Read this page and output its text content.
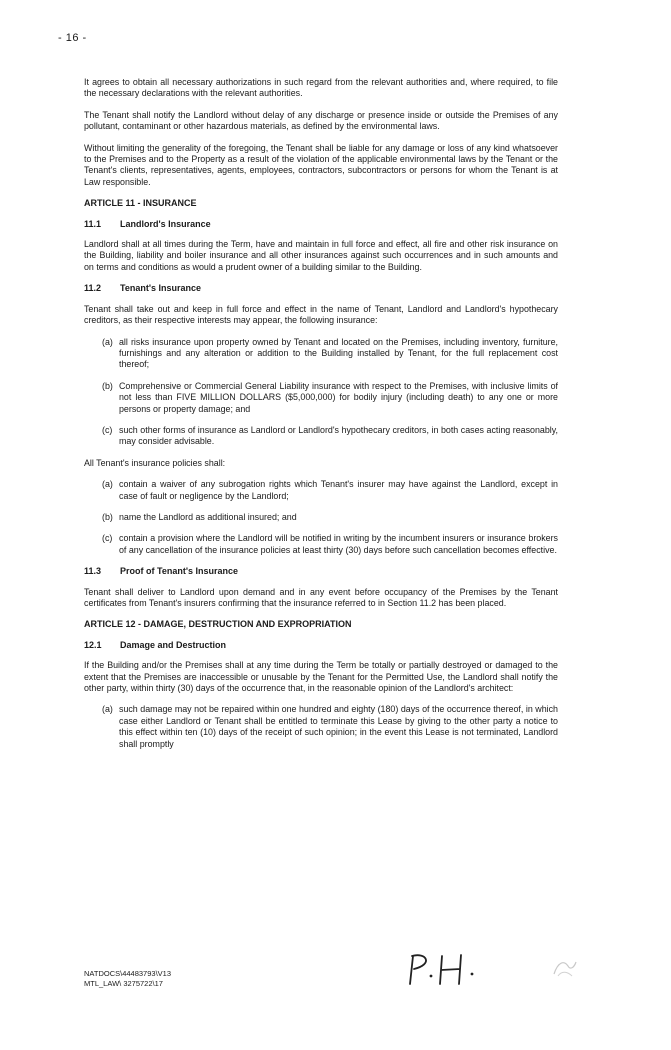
- 16 -

It agrees to obtain all necessary authorizations in such regard from the relevant authorities and, where required, to file the necessary declarations with the relevant authorities.

The Tenant shall notify the Landlord without delay of any discharge or presence inside or outside the Premises of any pollutant, contaminant or other hazardous materials, as defined by the environmental laws.

Without limiting the generality of the foregoing, the Tenant shall be liable for any damage or loss of any kind whatsoever to the Premises and to the Property as a result of the violation of the applicable environmental laws by the Tenant or the Tenant's clients, representatives, agents, employees, contractors, subcontractors or persons for whom the Tenant is at Law responsible.

ARTICLE 11 - INSURANCE
11.1 Landlord's Insurance

Landlord shall at all times during the Term, have and maintain in full force and effect, all fire and other risk insurance on the Building, liability and boiler insurance and all other insurances against such occurrences and in such amounts and on terms and conditions as would a prudent owner of a building similar to the Building.

11.2 Tenant's Insurance

Tenant shall take out and keep in full force and effect in the name of Tenant, Landlord and Landlord's hypothecary creditors, as their respective interests may appear, the following insurance:

(a) all risks insurance upon property owned by Tenant and located on the Premises, including inventory, furniture, furnishings and any alteration or addition to the Building installed by Tenant, for the full replacement cost thereof;
(b) Comprehensive or Commercial General Liability insurance with respect to the Premises, with inclusive limits of not less than FIVE MILLION DOLLARS ($5,000,000) for bodily injury (including death) to any one or more persons or property damage; and
(c) such other forms of insurance as Landlord or Landlord's hypothecary creditors, in both cases acting reasonably, may consider advisable.

All Tenant's insurance policies shall:

(a) contain a waiver of any subrogation rights which Tenant's insurer may have against the Landlord, except in case of fault or negligence by the Landlord;
(b) name the Landlord as additional insured; and
(c) contain a provision where the Landlord will be notified in writing by the incumbent insurers or insurance brokers of any cancellation of the insurance policies at least thirty (30) days before such cancellation becomes effective.
11.3 Proof of Tenant's Insurance

Tenant shall deliver to Landlord upon demand and in any event before occupancy of the Premises by the Tenant certificates from Tenant's insurers confirming that the insurance referred to in Section 11.2 has been placed.

ARTICLE 12 - DAMAGE, DESTRUCTION AND EXPROPRIATION
12.1 Damage and Destruction

If the Building and/or the Premises shall at any time during the Term be totally or partially destroyed or damaged to the extent that the Premises are inaccessible or unusable by the Tenant for the Permitted Use, the Landlord shall notify the other party, within thirty (30) days of the occurrence that, in the reasonable opinion of the Landlord's architect:

(a) such damage may not be repaired within one hundred and eighty (180) days of the occurrence thereof, in which case either Landlord or Tenant shall be entitled to terminate this Lease by giving to the other party a notice to this effect within ten (10) days of the receipt of such opinion; in the event this Lease is not terminated, Landlord shall promptly
NATDOCS\44483793\V13
MTL_LAW\ 3275722\17
